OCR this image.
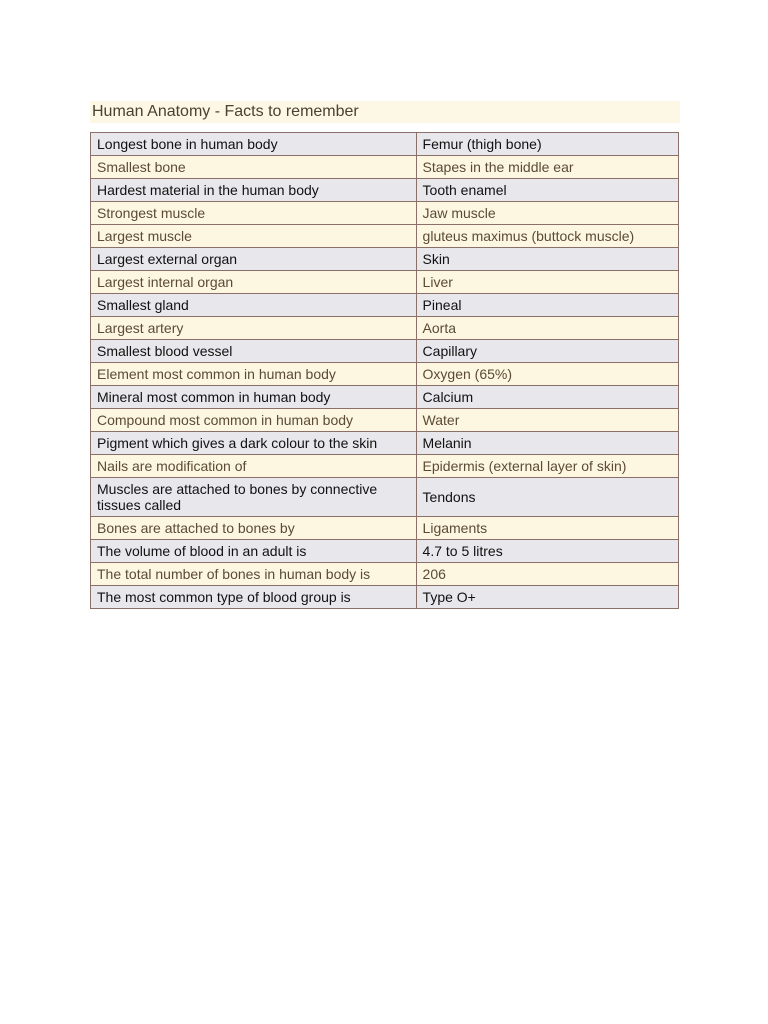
Human Anatomy - Facts to remember
Longest bone in human body	Femur (thigh bone)
Smallest bone	Stapes in the middle ear
Hardest material in the human body	Tooth enamel
Strongest muscle	Jaw muscle
Largest muscle	gluteus maximus (buttock muscle)
Largest external organ	Skin
Largest internal organ	Liver
Smallest gland	Pineal
Largest artery	Aorta
Smallest blood vessel	Capillary
Element most common in human body	Oxygen (65%)
Mineral most common in human body	Calcium
Compound most common in human body	Water
Pigment which gives a dark colour to the skin	Melanin
Nails are modification of	Epidermis (external layer of skin)
Muscles are attached to bones by connective tissues called	Tendons
Bones are attached to bones by	Ligaments
The volume of blood in an adult is	4.7 to 5 litres
The total number of bones in human body is	206
The most common type of blood group is	Type O+
